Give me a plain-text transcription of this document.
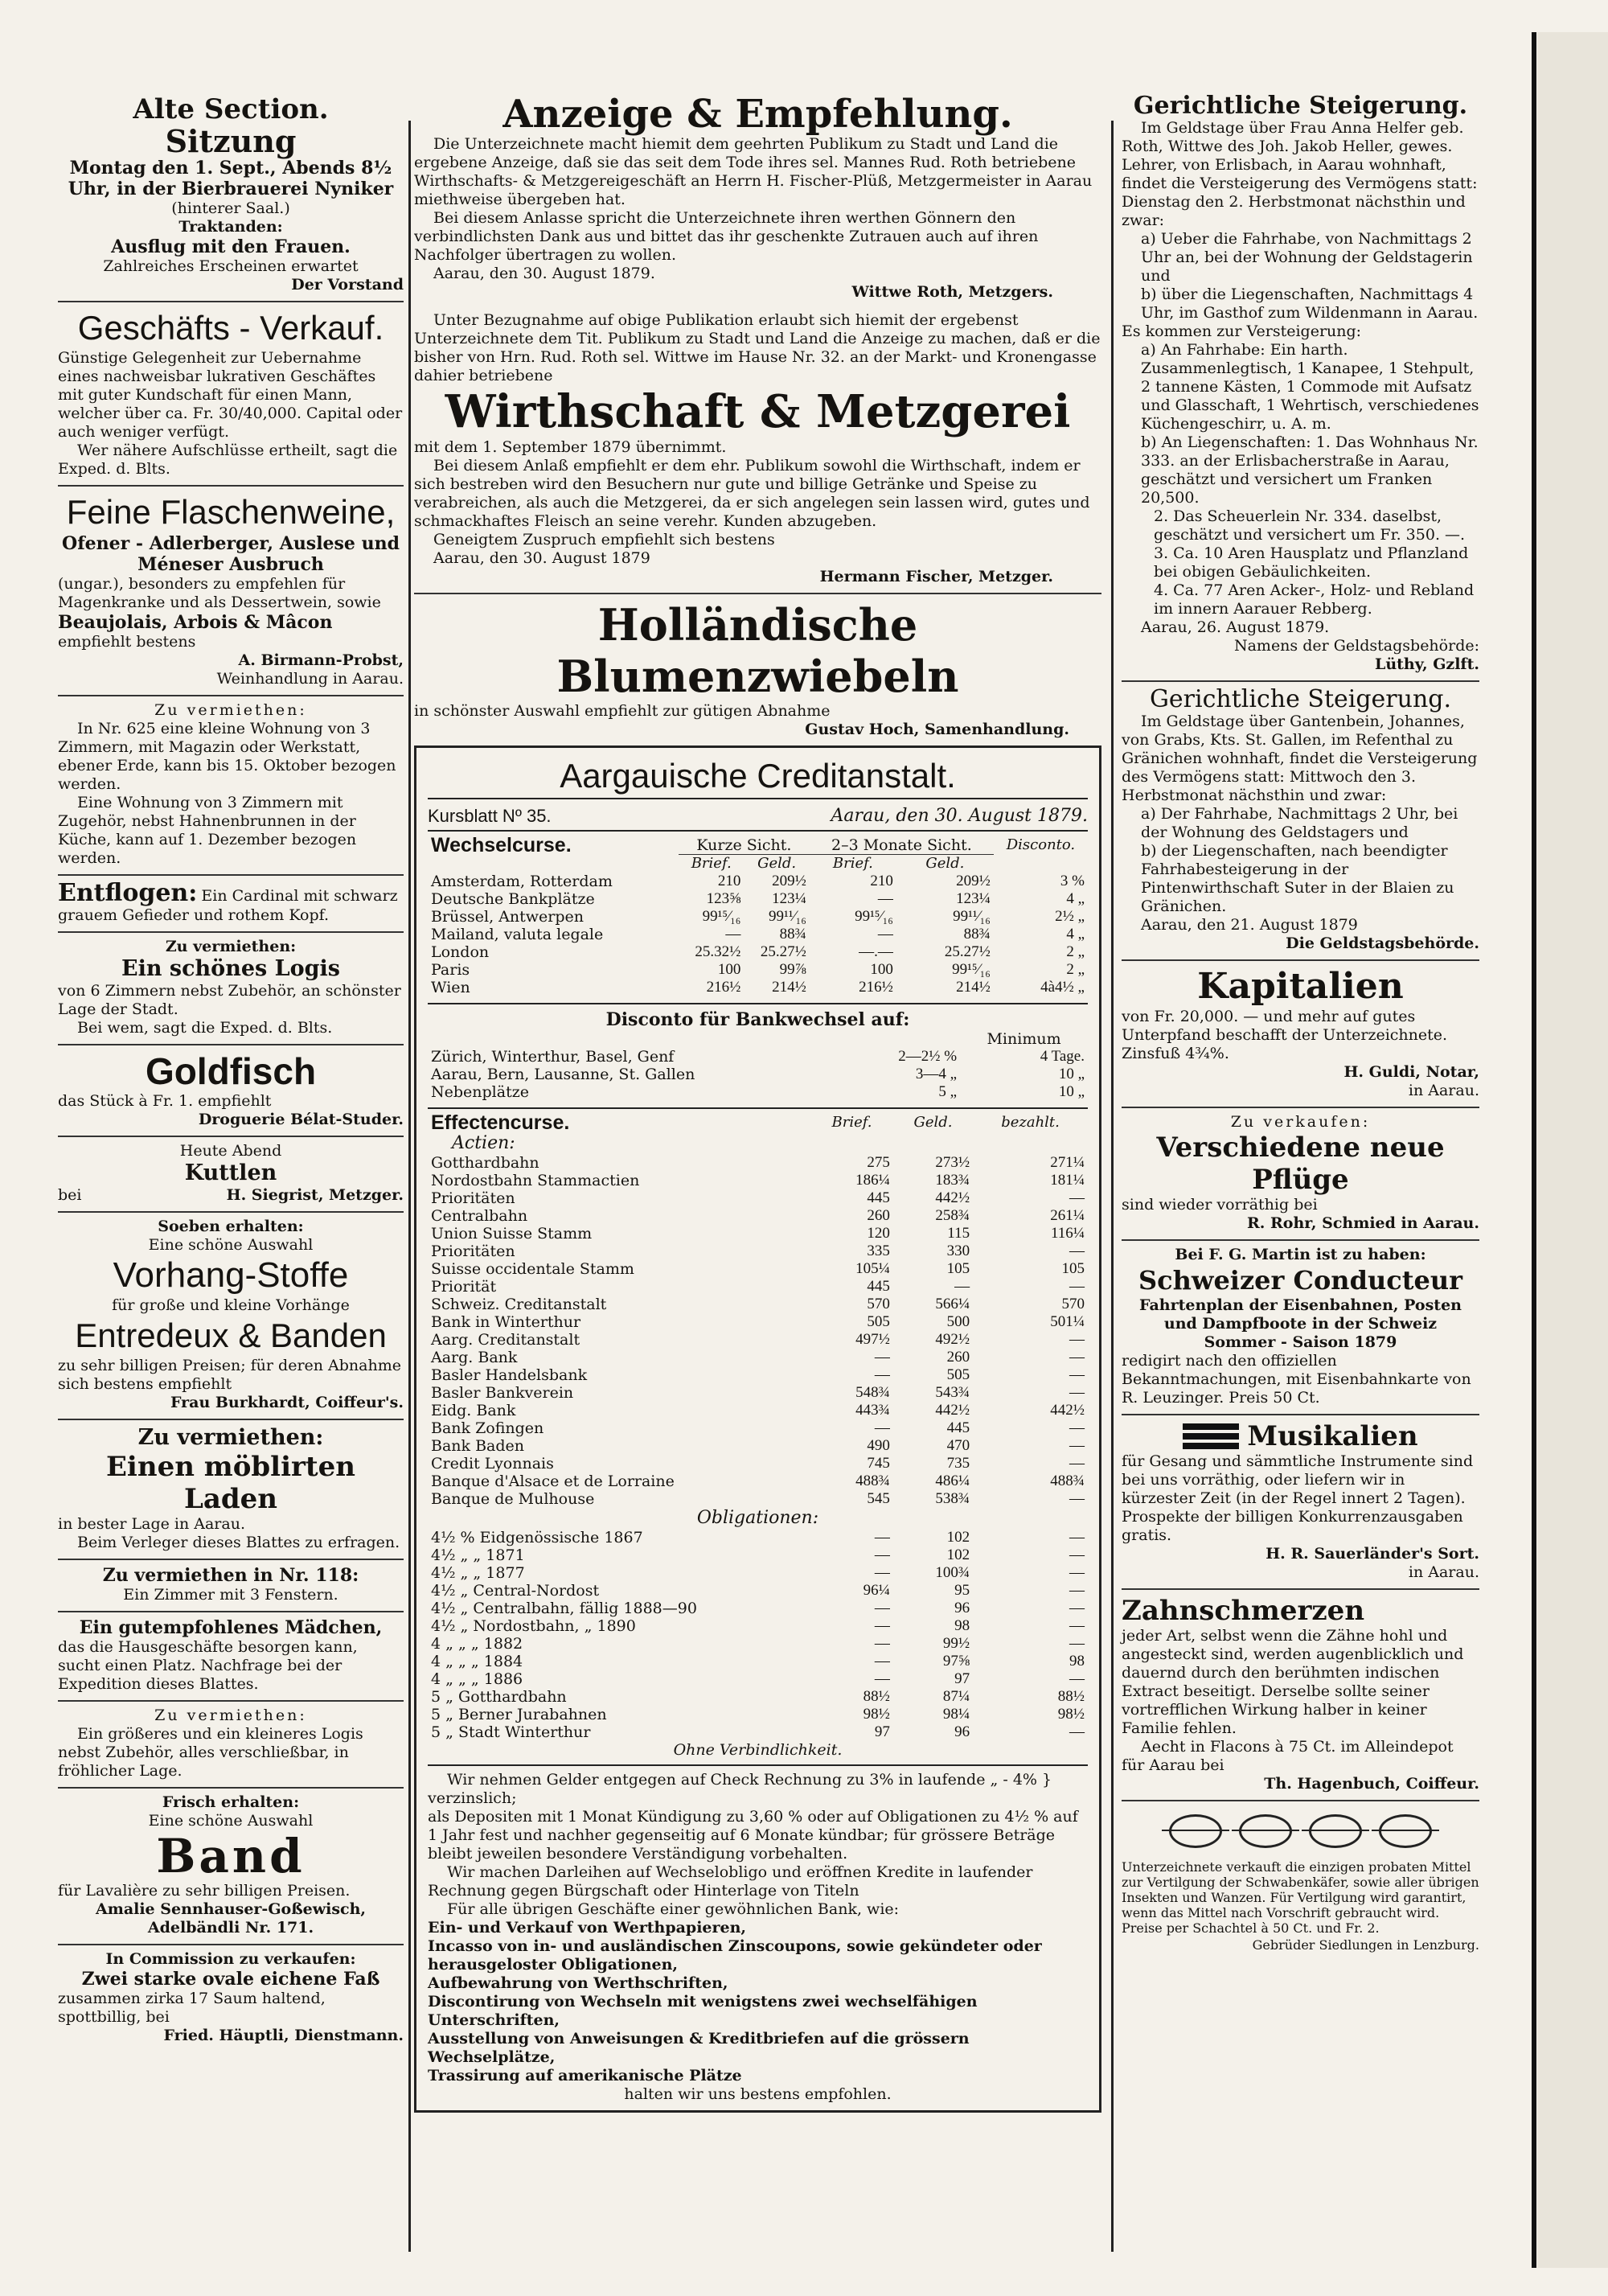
Alte Section.
Sitzung
Montag den 1. Sept., Abends 8½ Uhr, in der Bierbrauerei Nyniker
(hinterer Saal.)
Traktanden:
Ausflug mit den Frauen.
Zahlreiches Erscheinen erwartet
Der Vorstand
Geschäfts - Verkauf.
Günstige Gelegenheit zur Uebernahme eines nachweisbar lukrativen Geschäftes mit guter Kundschaft für einen Mann, welcher über ca. Fr. 30/40,000. Capital oder auch weniger verfügt.
Wer nähere Aufschlüsse ertheilt, sagt die Exped. d. Blts.
Feine Flaschenweine,
Ofener - Adlerberger, Auslese und Méneser Ausbruch
(ungar.), besonders zu empfehlen für Magenkranke und als Dessertwein, sowie
Beaujolais, Arbois & Mâcon
empfiehlt bestens
A. Birmann-Probst,
Weinhandlung in Aarau.
Zu vermiethen:
In Nr. 625 eine kleine Wohnung von 3 Zimmern, mit Magazin oder Werkstatt, ebener Erde, kann bis 15. Oktober bezogen werden.
Eine Wohnung von 3 Zimmern mit Zugehör, nebst Hahnenbrunnen in der Küche, kann auf 1. Dezember bezogen werden.
Entflogen: Ein Cardinal mit schwarz grauem Gefieder und rothem Kopf.
Zu vermiethen:
Ein schönes Logis
von 6 Zimmern nebst Zubehör, an schönster Lage der Stadt.
Bei wem, sagt die Exped. d. Blts.
Goldfisch
das Stück à Fr. 1. empfiehlt
Droguerie Bélat-Studer.
Heute Abend
Kuttlen
bei	H. Siegrist, Metzger.
Soeben erhalten:
Eine schöne Auswahl
Vorhang-Stoffe
für große und kleine Vorhänge
Entredeux & Banden
zu sehr billigen Preisen; für deren Abnahme sich bestens empfiehlt
Frau Burkhardt, Coiffeur's.
Zu vermiethen:
Einen möblirten Laden
in bester Lage in Aarau.
Beim Verleger dieses Blattes zu erfragen.
Zu vermiethen in Nr. 118:
Ein Zimmer mit 3 Fenstern.
Ein gutempfohlenes Mädchen,
das die Hausgeschäfte besorgen kann, sucht einen Platz. Nachfrage bei der Expedition dieses Blattes.
Zu vermiethen:
Ein größeres und ein kleineres Logis nebst Zubehör, alles verschließbar, in fröhlicher Lage.
Frisch erhalten:
Eine schöne Auswahl
Band
für Lavalière zu sehr billigen Preisen.
Amalie Sennhauser-Goßewisch,
Adelbändli Nr. 171.
In Commission zu verkaufen:
Zwei starke ovale eichene Faß
zusammen zirka 17 Saum haltend, spottbillig, bei
Fried. Häuptli, Dienstmann.
Anzeige & Empfehlung.
Die Unterzeichnete macht hiemit dem geehrten Publikum zu Stadt und Land die ergebene Anzeige, daß sie das seit dem Tode ihres sel. Mannes Rud. Roth betriebene Wirthschafts- & Metzgereigeschäft an Herrn H. Fischer-Plüß, Metzgermeister in Aarau miethweise übergeben hat.
Bei diesem Anlasse spricht die Unterzeichnete ihren werthen Gönnern den verbindlichsten Dank aus und bittet das ihr geschenkte Zutrauen auch auf ihren Nachfolger übertragen zu wollen.
Aarau, den 30. August 1879.
Wittwe Roth, Metzgers.
Unter Bezugnahme auf obige Publikation erlaubt sich hiemit der ergebenst Unterzeichnete dem Tit. Publikum zu Stadt und Land die Anzeige zu machen, daß er die bisher von Hrn. Rud. Roth sel. Wittwe im Hause Nr. 32. an der Markt- und Kronengasse dahier betriebene
Wirthschaft & Metzgerei
mit dem 1. September 1879 übernimmt.
Bei diesem Anlaß empfiehlt er dem ehr. Publikum sowohl die Wirthschaft, indem er sich bestreben wird den Besuchern nur gute und billige Getränke und Speise zu verabreichen, als auch die Metzgerei, da er sich angelegen sein lassen wird, gutes und schmackhaftes Fleisch an seine verehr. Kunden abzugeben.
Geneigtem Zuspruch empfiehlt sich bestens
Aarau, den 30. August 1879
Hermann Fischer, Metzger.
Holländische Blumenzwiebeln
in schönster Auswahl empfiehlt zur gütigen Abnahme
Gustav Hoch, Samenhandlung.
Aargauische Creditanstalt.
Kursblatt Nº 35.	Aarau, den 30. August 1879.
Wechselcurse.	Kurze Sicht.		2–3 Monate Sicht.		Disconto.
	Brief.	Geld.	Brief.	Geld.	
Amsterdam, Rotterdam	210	209½	210	209½	3 %
Deutsche Bankplätze	123⅝	123¼	—	123¼	4 „
Brüssel, Antwerpen	99¹⁵⁄₁₆	99¹¹⁄₁₆	99¹⁵⁄₁₆	99¹¹⁄₁₆	2½ „
Mailand, valuta legale	—	88¾	—	88¾	4 „
London	25.32½	25.27½	—.—	25.27½	2 „
Paris	100	99⅞	100	99¹⁵⁄₁₆	2 „
Wien	216½	214½	216½	214½	4à4½ „
Disconto für Bankwechsel auf:
		Minimum
Zürich, Winterthur, Basel, Genf	2—2½ %	4 Tage.
Aarau, Bern, Lausanne, St. Gallen	3—4 „	10 „
Nebenplätze	5 „	10 „
Effectencurse.	Brief.	Geld.	bezahlt.
Actien:			
Gotthardbahn	275	273½	271¼
Nordostbahn Stammactien	186¼	183¾	181¼
Prioritäten	445	442½	—
Centralbahn	260	258¾	261¼
Union Suisse Stamm	120	115	116¼
Prioritäten	335	330	—
Suisse occidentale Stamm	105¼	105	105
Priorität	445	—	—
Schweiz. Creditanstalt	570	566¼	570
Bank in Winterthur	505	500	501¼
Aarg. Creditanstalt	497½	492½	—
Aarg. Bank	—	260	—
Basler Handelsbank	—	505	—
Basler Bankverein	548¾	543¾	—
Eidg. Bank	443¾	442½	442½
Bank Zofingen	—	445	—
Bank Baden	490	470	—
Credit Lyonnais	745	735	—
Banque d'Alsace et de Lorraine	488¾	486¼	488¾
Banque de Mulhouse	545	538¾	—
Obligationen:			
4½ % Eidgenössische 1867	—	102	—
4½ „ „ 1871	—	102	—
4½ „ „ 1877	—	100¾	—
4½ „ Central-Nordost	96¼	95	—
4½ „ Centralbahn, fällig 1888—90	—	96	—
4½ „ Nordostbahn, „ 1890	—	98	—
4 „ „ „ 1882	—	99½	—
4 „ „ „ 1884	—	97⅝	98
4 „ „ „ 1886	—	97	—
5 „ Gotthardbahn	88½	87¼	88½
5 „ Berner Jurabahnen	98½	98¼	98½
5 „ Stadt Winterthur	97	96	—
Ohne Verbindlichkeit.			
Wir nehmen Gelder entgegen auf Check Rechnung zu 3% in laufende „ - 4% } verzinslich;
als Depositen mit 1 Monat Kündigung zu 3,60 % oder auf Obligationen zu 4½ % auf 1 Jahr fest und nachher gegenseitig auf 6 Monate kündbar; für grössere Beträge bleibt jeweilen besondere Verständigung vorbehalten.
Wir machen Darleihen auf Wechselobligo und eröffnen Kredite in laufender Rechnung gegen Bürgschaft oder Hinterlage von Titeln
Für alle übrigen Geschäfte einer gewöhnlichen Bank, wie:
Ein- und Verkauf von Werthpapieren,
Incasso von in- und ausländischen Zinscoupons, sowie gekündeter oder herausgeloster Obligationen,
Aufbewahrung von Werthschriften,
Discontirung von Wechseln mit wenigstens zwei wechselfähigen Unterschriften,
Ausstellung von Anweisungen & Kreditbriefen auf die grössern Wechselplätze,
Trassirung auf amerikanische Plätze
halten wir uns bestens empfohlen.
Gerichtliche Steigerung.
Im Geldstage über Frau Anna Helfer geb. Roth, Wittwe des Joh. Jakob Heller, gewes. Lehrer, von Erlisbach, in Aarau wohnhaft, findet die Versteigerung des Vermögens statt: Dienstag den 2. Herbstmonat nächsthin und zwar:
a) Ueber die Fahrhabe, von Nachmittags 2 Uhr an, bei der Wohnung der Geldstagerin und
b) über die Liegenschaften, Nachmittags 4 Uhr, im Gasthof zum Wildenmann in Aarau.
Es kommen zur Versteigerung:
a) An Fahrhabe: Ein harth. Zusammenlegtisch, 1 Kanapee, 1 Stehpult, 2 tannene Kästen, 1 Commode mit Aufsatz und Glasschaft, 1 Wehrtisch, verschiedenes Küchengeschirr, u. A. m.
b) An Liegenschaften: 1. Das Wohnhaus Nr. 333. an der Erlisbacherstraße in Aarau, geschätzt und versichert um Franken 20,500.
2. Das Scheuerlein Nr. 334. daselbst, geschätzt und versichert um Fr. 350. —.
3. Ca. 10 Aren Hausplatz und Pflanzland bei obigen Gebäulichkeiten.
4. Ca. 77 Aren Acker-, Holz- und Rebland im innern Aarauer Rebberg.
Aarau, 26. August 1879.
Namens der Geldstagsbehörde:
Lüthy, Gzlft.
Gerichtliche Steigerung.
Im Geldstage über Gantenbein, Johannes, von Grabs, Kts. St. Gallen, im Refenthal zu Gränichen wohnhaft, findet die Versteigerung des Vermögens statt: Mittwoch den 3. Herbstmonat nächsthin und zwar:
a) Der Fahrhabe, Nachmittags 2 Uhr, bei der Wohnung des Geldstagers und
b) der Liegenschaften, nach beendigter Fahrhabesteigerung in der Pintenwirthschaft Suter in der Blaien zu Gränichen.
Aarau, den 21. August 1879
Die Geldstagsbehörde.
Kapitalien
von Fr. 20,000. — und mehr auf gutes Unterpfand beschafft der Unterzeichnete. Zinsfuß 4¾%.
H. Guldi, Notar,
in Aarau.
Zu verkaufen:
Verschiedene neue Pflüge
sind wieder vorräthig bei
R. Rohr, Schmied in Aarau.
Bei F. G. Martin ist zu haben:
Schweizer Conducteur
Fahrtenplan der Eisenbahnen, Posten und Dampfboote in der Schweiz
Sommer - Saison 1879
redigirt nach den offiziellen Bekanntmachungen, mit Eisenbahnkarte von R. Leuzinger. Preis 50 Ct.
Musikalien
für Gesang und sämmtliche Instrumente sind bei uns vorräthig, oder liefern wir in kürzester Zeit (in der Regel innert 2 Tagen). Prospekte der billigen Konkurrenzausgaben gratis.
H. R. Sauerländer's Sort.
in Aarau.
Zahnschmerzen
jeder Art, selbst wenn die Zähne hohl und angesteckt sind, werden augenblicklich und dauernd durch den berühmten indischen Extract beseitigt. Derselbe sollte seiner vortrefflichen Wirkung halber in keiner Familie fehlen.
Aecht in Flacons à 75 Ct. im Alleindepot für Aarau bei
Th. Hagenbuch, Coiffeur.

Unterzeichnete verkauft die einzigen probaten Mittel zur Vertilgung der Schwabenkäfer, sowie aller übrigen Insekten und Wanzen. Für Vertilgung wird garantirt, wenn das Mittel nach Vorschrift gebraucht wird. Preise per Schachtel à 50 Ct. und Fr. 2.
Gebrüder Siedlungen in Lenzburg.
